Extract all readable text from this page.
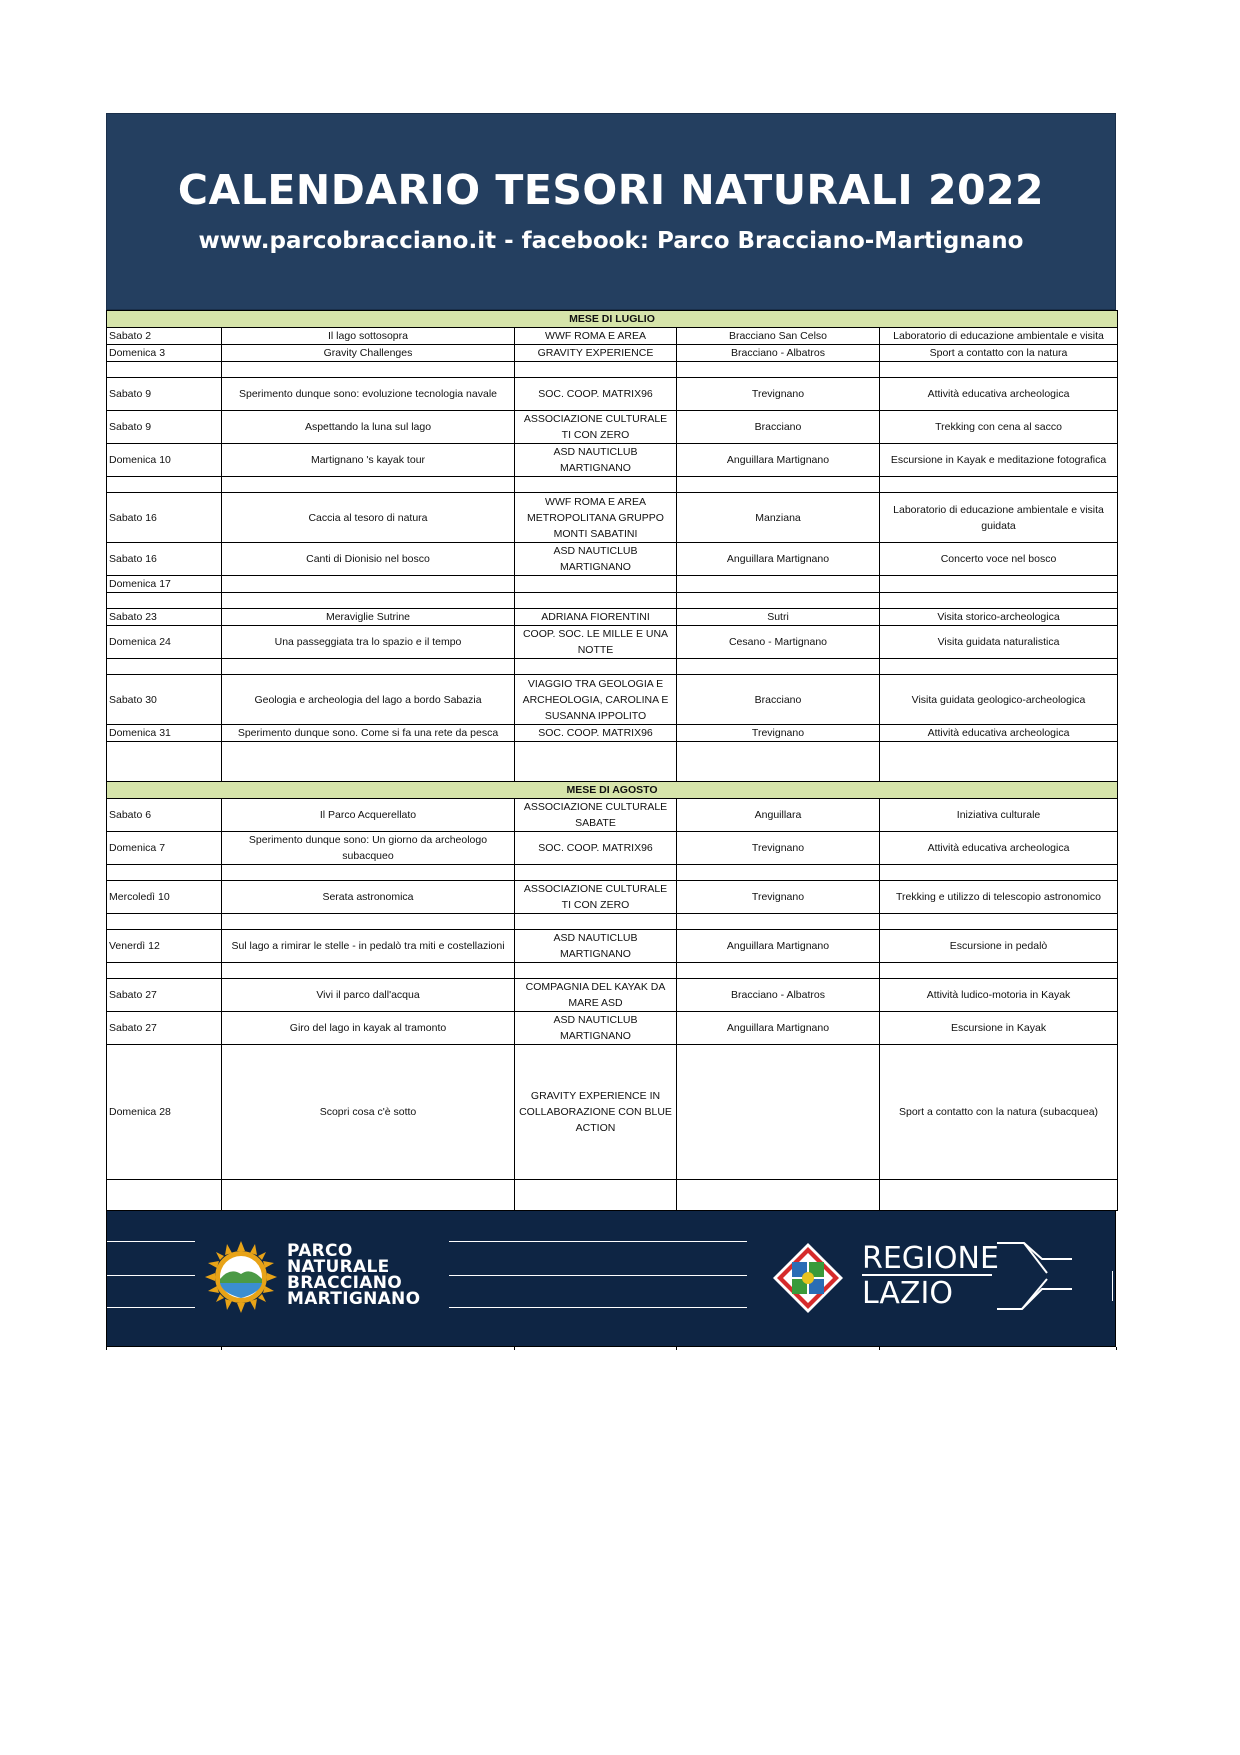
CALENDARIO TESORI NATURALI 2022
www.parcobracciano.it - facebook: Parco Bracciano-Martignano
MESE DI LUGLIO				
Sabato 2	Il lago sottosopra	WWF ROMA E AREA	Bracciano San Celso	Laboratorio di educazione ambientale e visita
Domenica 3	Gravity Challenges	GRAVITY EXPERIENCE	Bracciano - Albatros	Sport a contatto con la natura

Sabato 9	Sperimento dunque sono: evoluzione tecnologia navale	SOC. COOP. MATRIX96	Trevignano	Attività educativa archeologica
Sabato 9	Aspettando la luna sul lago	ASSOCIAZIONE CULTURALE TI CON ZERO	Bracciano	Trekking con cena al sacco
Domenica 10	Martignano 's kayak tour	ASD NAUTICLUB MARTIGNANO	Anguillara Martignano	Escursione in Kayak e meditazione fotografica

Sabato 16	Caccia al tesoro di natura	WWF ROMA E AREA METROPOLITANA GRUPPO MONTI SABATINI	Manziana	Laboratorio di educazione ambientale e visita guidata
Sabato 16	Canti di Dionisio nel bosco	ASD NAUTICLUB MARTIGNANO	Anguillara Martignano	Concerto voce nel bosco
Domenica 17				

Sabato 23	Meraviglie Sutrine	ADRIANA FIORENTINI	Sutri	Visita storico-archeologica
Domenica 24	Una passeggiata tra lo spazio e il tempo	COOP. SOC. LE MILLE E UNA NOTTE	Cesano - Martignano	Visita guidata naturalistica

Sabato 30	Geologia e archeologia del lago a bordo Sabazia	VIAGGIO TRA GEOLOGIA E ARCHEOLOGIA, CAROLINA E SUSANNA IPPOLITO	Bracciano	Visita guidata geologico-archeologica
Domenica 31	Sperimento dunque sono. Come si fa una rete da pesca	SOC. COOP. MATRIX96	Trevignano	Attività educativa archeologica

MESE DI AGOSTO				
Sabato 6	Il Parco Acquerellato	ASSOCIAZIONE CULTURALE SABATE	Anguillara	Iniziativa culturale
Domenica 7	Sperimento dunque sono: Un giorno da archeologo subacqueo	SOC. COOP. MATRIX96	Trevignano	Attività educativa archeologica

Mercoledì 10	Serata astronomica	ASSOCIAZIONE CULTURALE TI CON ZERO	Trevignano	Trekking e utilizzo di telescopio astronomico

Venerdì 12	Sul lago a rimirar le stelle - in pedalò tra miti e costellazioni	ASD NAUTICLUB MARTIGNANO	Anguillara Martignano	Escursione in pedalò

Sabato 27	Vivi il parco dall'acqua	COMPAGNIA DEL KAYAK DA MARE ASD	Bracciano - Albatros	Attività ludico-motoria in Kayak
Sabato 27	Giro del lago in kayak al tramonto	ASD NAUTICLUB MARTIGNANO	Anguillara Martignano	Escursione in Kayak
Domenica 28	Scopri cosa c'è sotto	GRAVITY EXPERIENCE IN COLLABORAZIONE CON BLUE ACTION		Sport a contatto con la natura (subacquea)

PARCO
NATURALE
BRACCIANO
MARTIGNANO
REGIONE
LAZIO
